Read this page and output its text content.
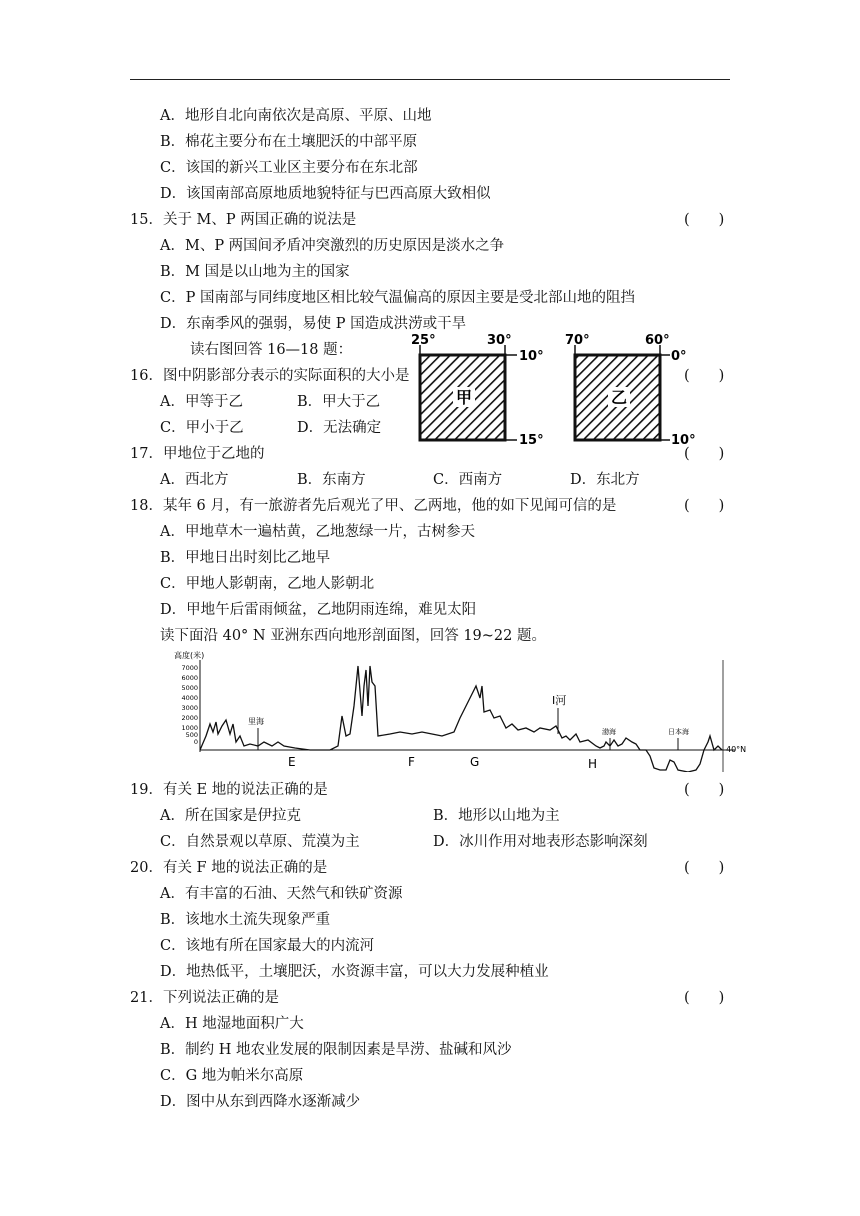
A．地形自北向南依次是高原、平原、山地
B．棉花主要分布在土壤肥沃的中部平原
C．该国的新兴工业区主要分布在东北部
D．该国南部高原地质地貌特征与巴西高原大致相似
15．关于 M、P 两国正确的说法是	(　　)
A．M、P 两国间矛盾冲突激烈的历史原因是淡水之争
B．M 国是以山地为主的国家
C．P 国南部与同纬度地区相比较气温偏高的原因主要是受北部山地的阻挡
D．东南季风的强弱，易使 P 国造成洪涝或干旱
读右图回答 16—18 题：
16．图中阴影部分表示的实际面积的大小是	(　　)
A．甲等于乙	B．甲大于乙
C．甲小于乙	D．无法确定
甲
25°	30°
10°
15°
乙
70°	60°
0°
10°
17．甲地位于乙地的	(　　)
A．西北方	B．东南方	C．西南方	D．东北方
18．某年 6 月，有一旅游者先后观光了甲、乙两地，他的如下见闻可信的是	(　　)
A．甲地草木一遍枯黄，乙地葱绿一片，古树参天
B．甲地日出时刻比乙地早
C．甲地人影朝南，乙地人影朝北
D．甲地午后雷雨倾盆，乙地阴雨连绵，难见太阳
读下面沿 40° N 亚洲东西向地形剖面图，回答 19~22 题。
高度(米)
7000
6000
5000
4000
3000
2000
1000
500
0
里海
I河
渤海	日本海
40°N
E	F	G	H
19．有关 E 地的说法正确的是	(　　)
A．所在国家是伊拉克	B．地形以山地为主
C．自然景观以草原、荒漠为主	D．冰川作用对地表形态影响深刻
20．有关 F 地的说法正确的是	(　　)
A．有丰富的石油、天然气和铁矿资源
B．该地水土流失现象严重
C．该地有所在国家最大的内流河
D．地热低平，土壤肥沃，水资源丰富，可以大力发展种植业
21．下列说法正确的是	(　　)
A．H 地湿地面积广大
B．制约 H 地农业发展的限制因素是旱涝、盐碱和风沙
C．G 地为帕米尔高原
D．图中从东到西降水逐渐减少
